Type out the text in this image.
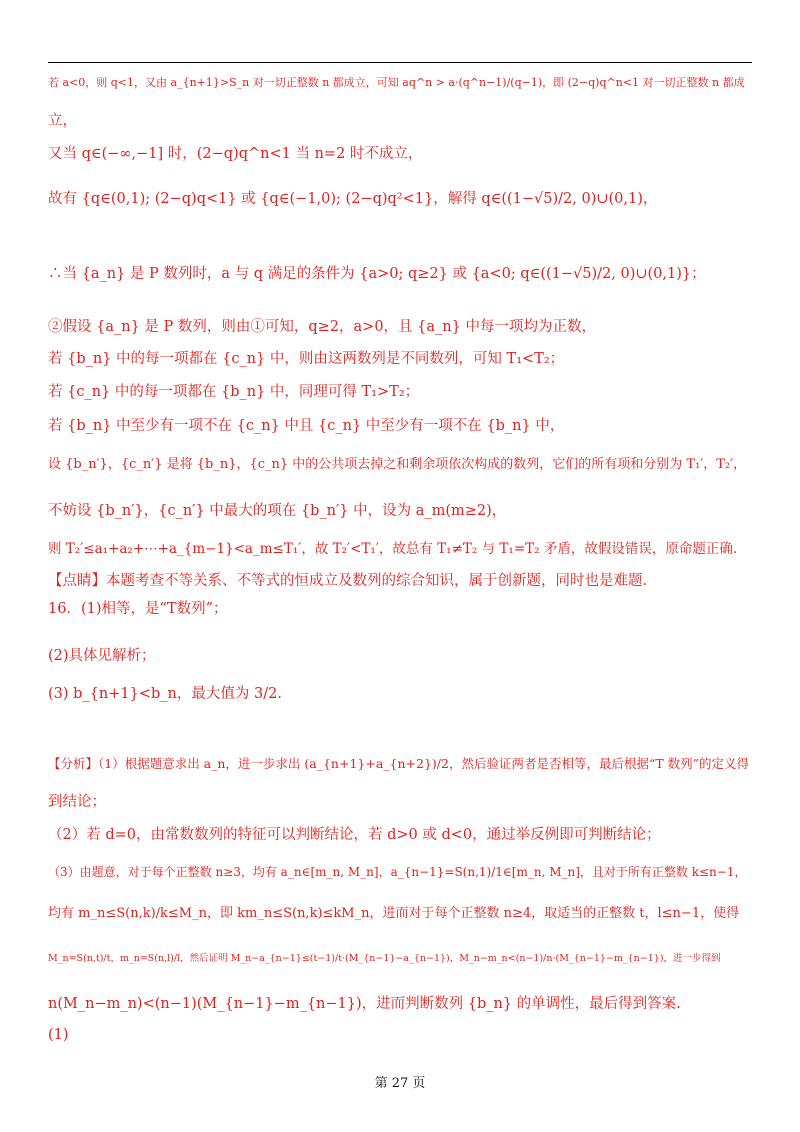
若 a<0，则 q<1，又由 a_{n+1}>S_n 对一切正整数 n 都成立，可知 aq^n > a·(q^n−1)/(q−1)，即 (2−q)q^n<1 对一切正整数 n 都成
立，
又当 q∈(−∞,−1] 时，(2−q)q^n<1 当 n=2 时不成立，
故有 {q∈(0,1); (2−q)q<1} 或 {q∈(−1,0); (2−q)q²<1}，解得 q∈((1−√5)/2, 0)∪(0,1)，
∴当 {a_n} 是 P 数列时，a 与 q 满足的条件为 {a>0; q≥2} 或 {a<0; q∈((1−√5)/2, 0)∪(0,1)}；
②假设 {a_n} 是 P 数列，则由①可知，q≥2，a>0，且 {a_n} 中每一项均为正数，
若 {b_n} 中的每一项都在 {c_n} 中，则由这两数列是不同数列，可知 T₁<T₂；
若 {c_n} 中的每一项都在 {b_n} 中，同理可得 T₁>T₂；
若 {b_n} 中至少有一项不在 {c_n} 中且 {c_n} 中至少有一项不在 {b_n} 中，
设 {b_n′}，{c_n′} 是将 {b_n}，{c_n} 中的公共项去掉之和剩余项依次构成的数列，它们的所有项和分别为 T₁′，T₂′，
不妨设 {b_n′}，{c_n′} 中最大的项在 {b_n′} 中，设为 a_m(m≥2)，
则 T₂′≤a₁+a₂+⋯+a_{m−1}<a_m≤T₁′，故 T₂′<T₁′，故总有 T₁≠T₂ 与 T₁=T₂ 矛盾，故假设错误，原命题正确.
【点睛】本题考查不等关系、不等式的恒成立及数列的综合知识，属于创新题，同时也是难题.
16．(1)相等，是“T数列”；
(2)具体见解析；
(3) b_{n+1}<b_n，最大值为 3/2.
【分析】（1）根据题意求出 a_n，进一步求出 (a_{n+1}+a_{n+2})/2，然后验证两者是否相等，最后根据“T 数列”的定义得
到结论；
（2）若 d=0，由常数数列的特征可以判断结论，若 d>0 或 d<0，通过举反例即可判断结论；
（3）由题意，对于每个正整数 n≥3，均有 a_n∈[m_n, M_n]，a_{n−1}=S(n,1)/1∈[m_n, M_n]，且对于所有正整数 k≤n−1，
均有 m_n≤S(n,k)/k≤M_n，即 km_n≤S(n,k)≤kM_n，进而对于每个正整数 n≥4，取适当的正整数 t，l≤n−1，使得
M_n=S(n,t)/t，m_n=S(n,l)/l，然后证明 M_n−a_{n−1}≤(t−1)/t·(M_{n−1}−a_{n−1})，M_n−m_n<(n−1)/n·(M_{n−1}−m_{n−1})，进一步得到
n(M_n−m_n)<(n−1)(M_{n−1}−m_{n−1})，进而判断数列 {b_n} 的单调性，最后得到答案.
(1)
第 27 页
